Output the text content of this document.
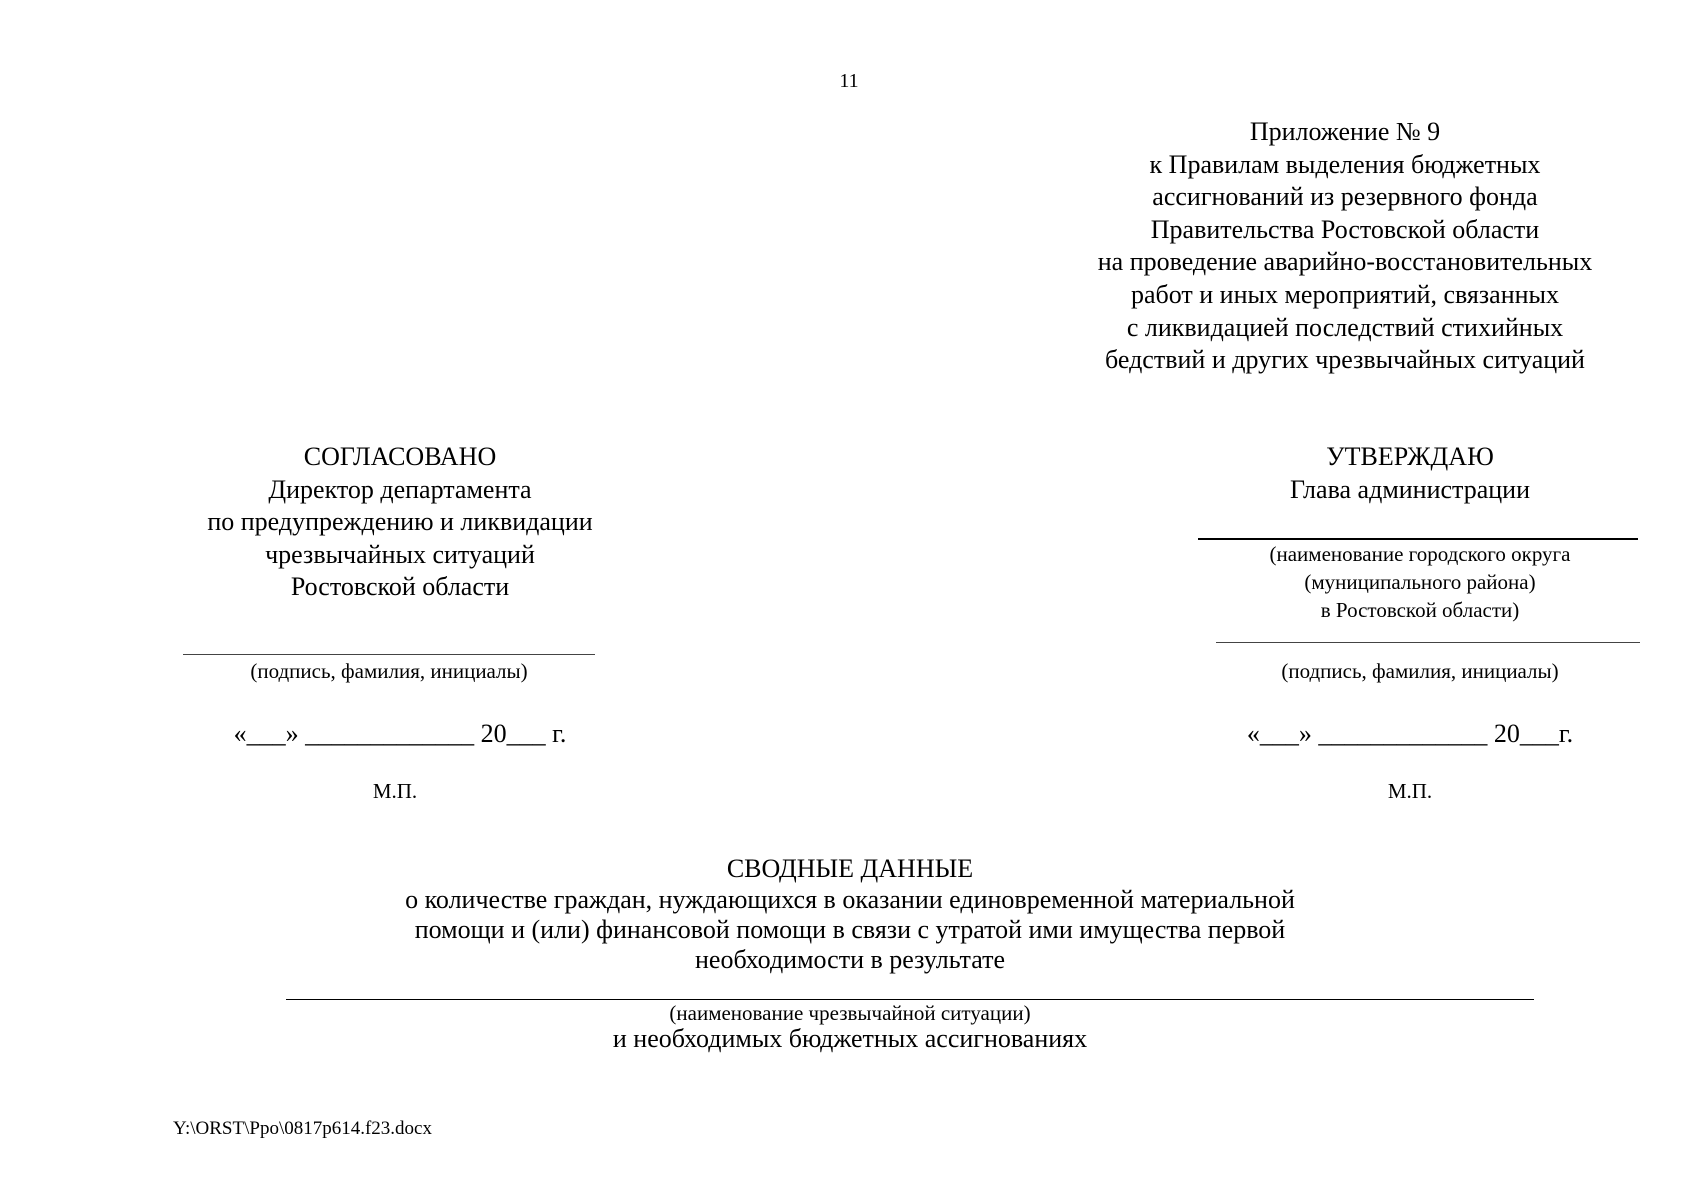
11
Приложение № 9
к Правилам выделения бюджетных
ассигнований из резервного фонда
Правительства Ростовской области
на проведение аварийно-восстановительных
работ и иных мероприятий, связанных
с ликвидацией последствий стихийных
бедствий и других чрезвычайных ситуаций
СОГЛАСОВАНО
Директор департамента
по предупреждению и ликвидации
чрезвычайных ситуаций
Ростовской области
(подпись, фамилия, инициалы)
УТВЕРЖДАЮ
Глава администрации
(наименование городского округа
(муниципального района)
в Ростовской области)
(подпись, фамилия, инициалы)
«___» _____________ 20___ г.	«___» _____________ 20___г.
М.П.	М.П.
СВОДНЫЕ ДАННЫЕ
о количестве граждан, нуждающихся в оказании единовременной материальной
помощи и (или) финансовой помощи в связи с утратой ими имущества первой
необходимости в результате
(наименование чрезвычайной ситуации)
и необходимых бюджетных ассигнованиях
Y:\ORST\Ppo\0817p614.f23.docx
